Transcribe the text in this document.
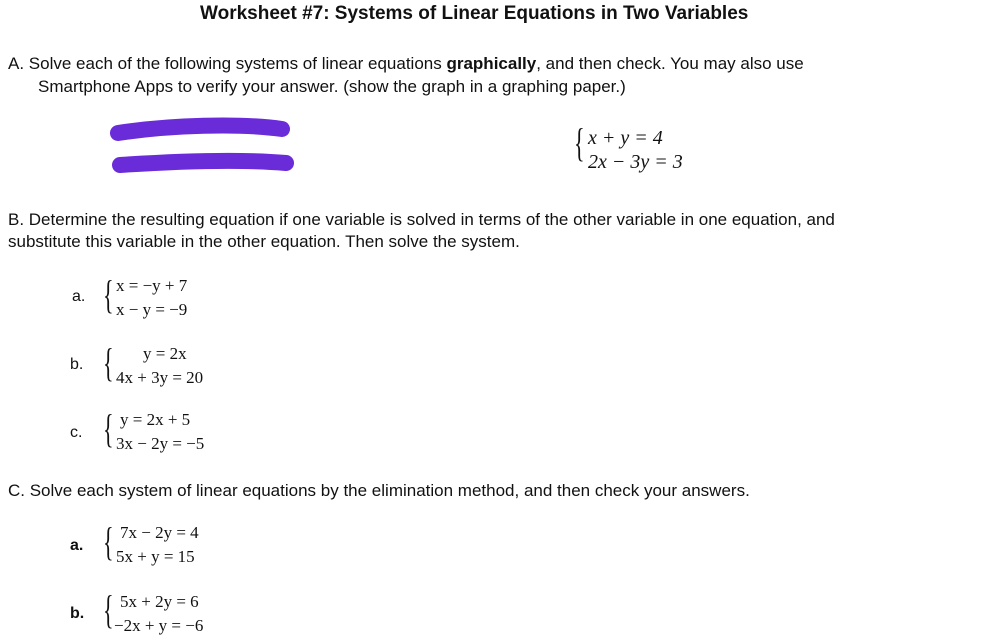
Worksheet #7: Systems of Linear Equations in Two Variables
A. Solve each of the following systems of linear equations graphically, and then check. You may also use
Smartphone Apps to verify your answer. (show the graph in a graphing paper.)
{ x + y = 4
2x − 3y = 3
B. Determine the resulting equation if one variable is solved in terms of the other variable in one equation, and
substitute this variable in the other equation. Then solve the system.
a. { x = −y + 7
x − y = −9
b. {	y = 2x
4x + 3y = 20
c. { y = 2x + 5
3x − 2y = −5
C. Solve each system of linear equations by the elimination method, and then check your answers.
a. { 7x − 2y = 4
5x + y = 15
b. { 5x + 2y = 6
−2x + y = −6
